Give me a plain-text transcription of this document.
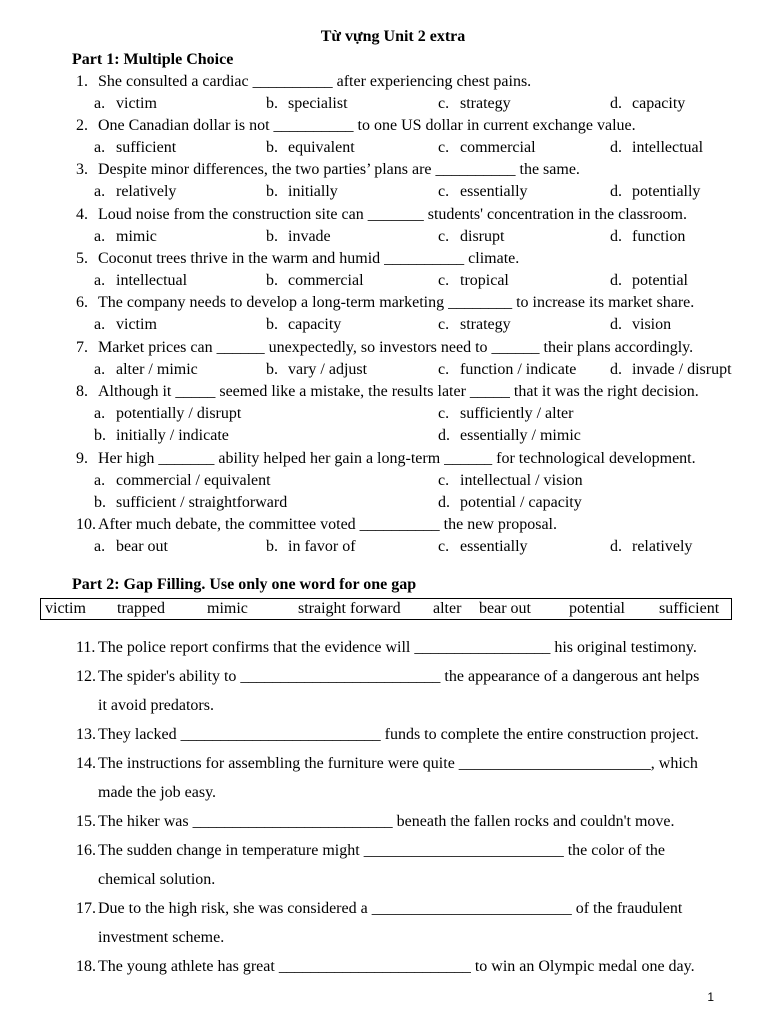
Từ vựng Unit 2 extra
Part 1: Multiple Choice
1. She consulted a cardiac __________ after experiencing chest pains.
a. victim	b. specialist	c. strategy	d. capacity
2. One Canadian dollar is not __________ to one US dollar in current exchange value.
a. sufficient	b. equivalent	c. commercial	d. intellectual
3. Despite minor differences, the two parties’ plans are __________ the same.
a. relatively	b. initially	c. essentially	d. potentially
4. Loud noise from the construction site can _______ students' concentration in the classroom.
a. mimic	b. invade	c. disrupt	d. function
5. Coconut trees thrive in the warm and humid __________ climate.
a. intellectual	b. commercial	c. tropical	d. potential
6. The company needs to develop a long-term marketing ________ to increase its market share.
a. victim	b. capacity	c. strategy	d. vision
7. Market prices can ______ unexpectedly, so investors need to ______ their plans accordingly.
a. alter / mimic	b. vary / adjust	c. function / indicate d. invade / disrupt
8. Although it _____ seemed like a mistake, the results later _____ that it was the right decision.
a. potentially / disrupt	c. sufficiently / alter
b. initially / indicate	d. essentially / mimic
9. Her high _______ ability helped her gain a long-term ______ for technological development.
a. commercial / equivalent	c. intellectual / vision
b. sufficient / straightforward	d. potential / capacity
10. After much debate, the committee voted __________ the new proposal.
a. bear out	b. in favor of	c. essentially	d. relatively
Part 2: Gap Filling. Use only one word for one gap
victim trapped	mimic	straight forward alter bear out potential sufficient
11. The police report confirms that the evidence will _________________ his original testimony.
12. The spider's ability to _________________________ the appearance of a dangerous ant helps
it avoid predators.
13. They lacked _________________________ funds to complete the entire construction project.
14. The instructions for assembling the furniture were quite ________________________, which
made the job easy.
15. The hiker was _________________________ beneath the fallen rocks and couldn't move.
16. The sudden change in temperature might _________________________ the color of the
chemical solution.
17. Due to the high risk, she was considered a _________________________ of the fraudulent
investment scheme.
18. The young athlete has great ________________________ to win an Olympic medal one day.
1
